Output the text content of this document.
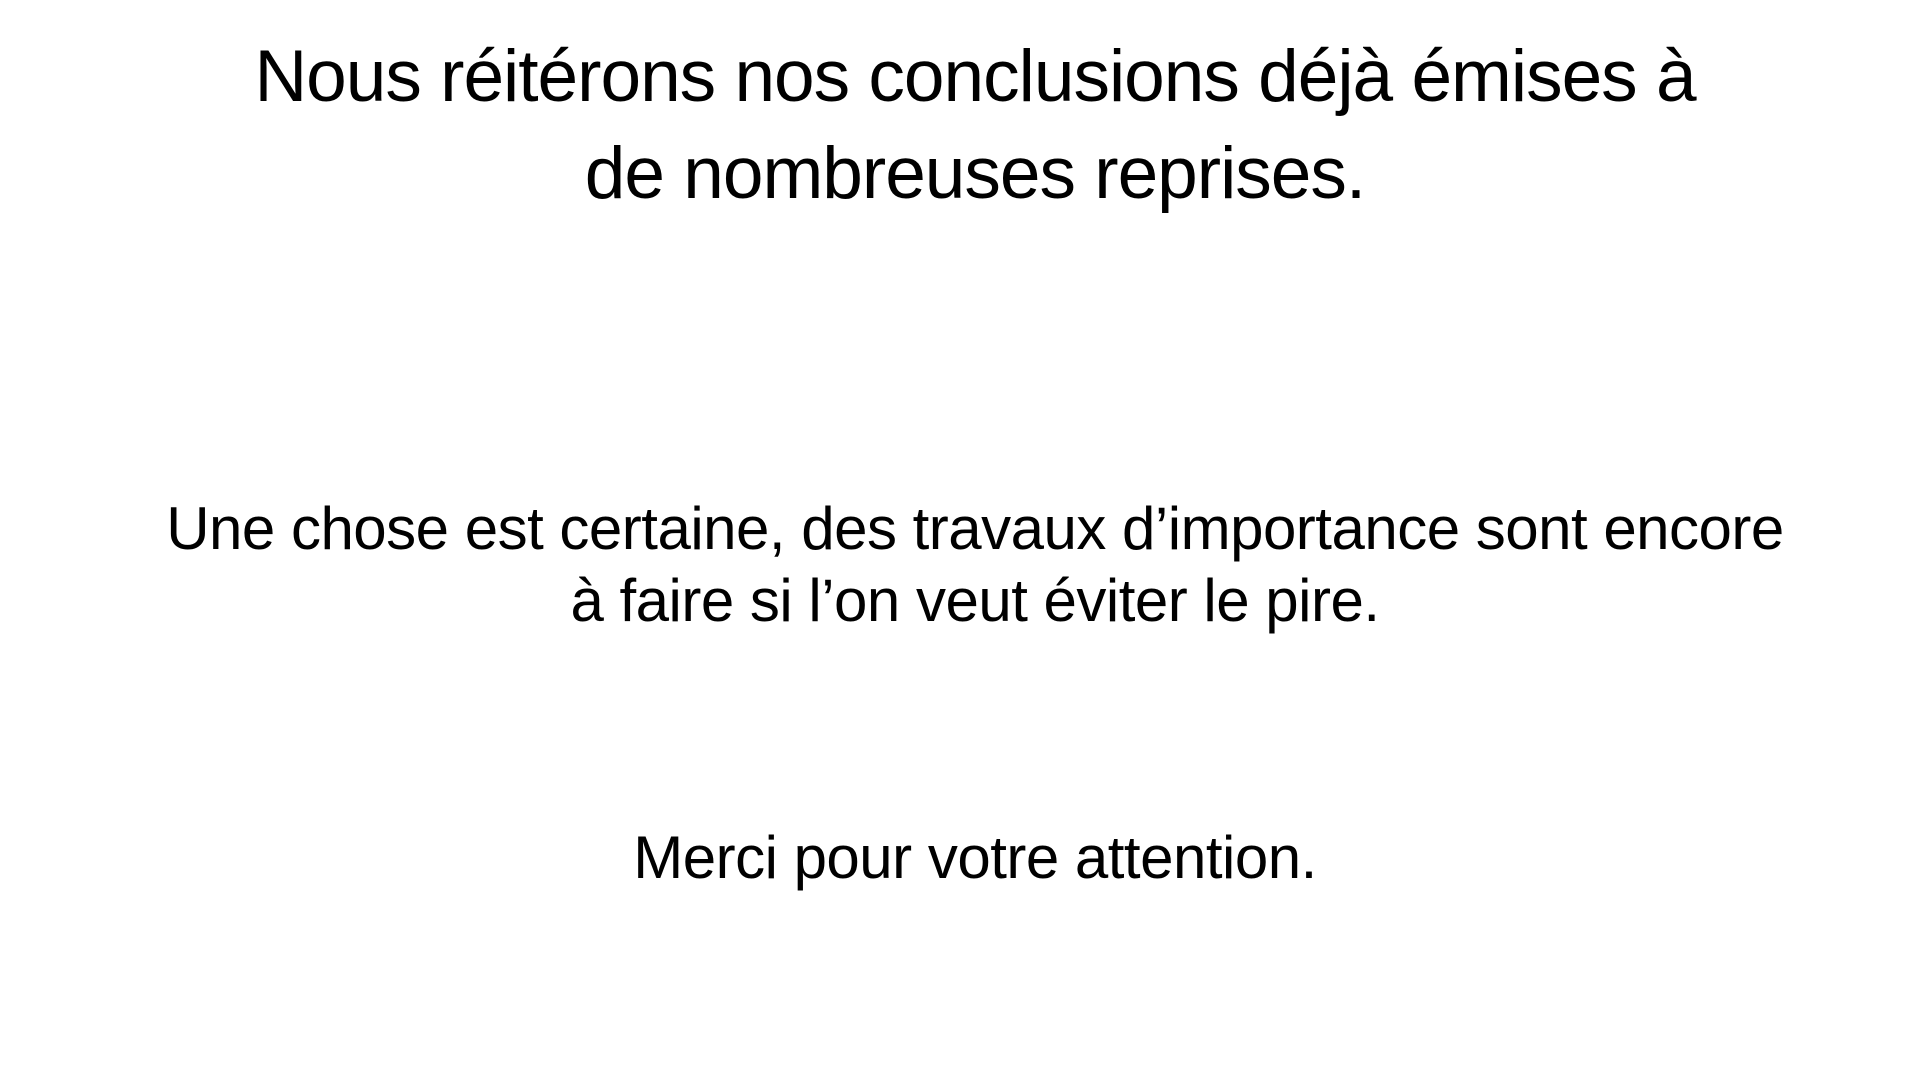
Nous réitérons nos conclusions déjà émises à
de nombreuses reprises.
Une chose est certaine, des travaux d’importance sont encore
à faire si l’on veut éviter le pire.
Merci pour votre attention.
